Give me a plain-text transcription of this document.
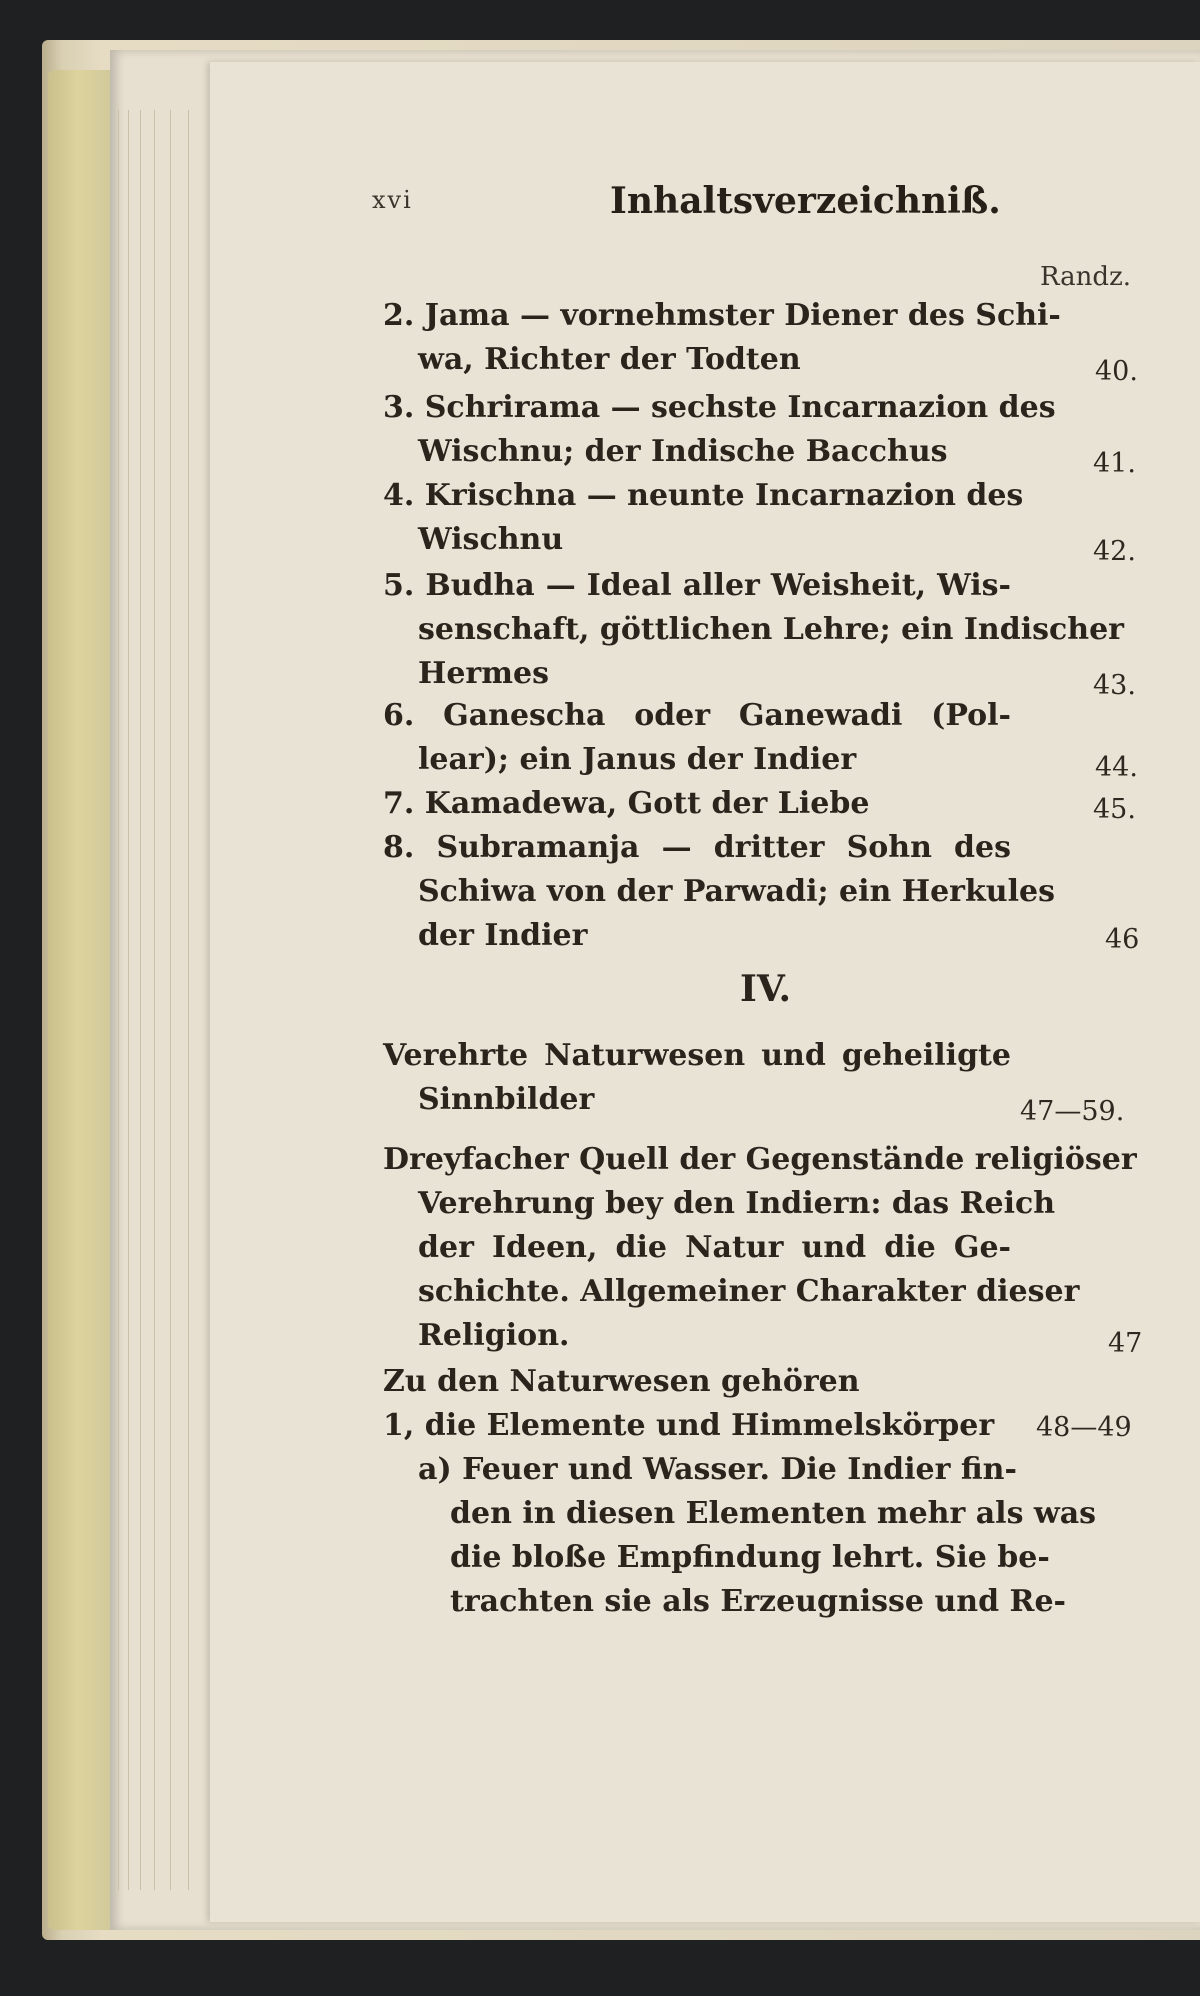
xvi	Inhaltsverzeichniß.
Randz.
2. Jama — vornehmster Diener des Schi-
wa, Richter der Todten	40.
3. Schrirama — sechste Incarnazion des
Wischnu; der Indische Bacchus	41.
4. Krischna — neunte Incarnazion des
Wischnu	42.
5. Budha — Ideal aller Weisheit, Wis-
senschaft, göttlichen Lehre; ein Indischer
Hermes	43.
6. Ganescha oder Ganewadi (Pol-
lear); ein Janus der Indier	44.
7. Kamadewa, Gott der Liebe	45.
8. Subramanja — dritter Sohn des
Schiwa von der Parwadi; ein Herkules
der Indier	46
IV.
Verehrte Naturwesen und geheiligte
Sinnbilder	47—59.
Dreyfacher Quell der Gegenstände religiöser
Verehrung bey den Indiern: das Reich
der Ideen, die Natur und die Ge-
schichte. Allgemeiner Charakter dieser
Religion.	47
Zu den Naturwesen gehören
1, die Elemente und Himmelskörper 48—49
a) Feuer und Wasser. Die Indier fin-
den in diesen Elementen mehr als was
die bloße Empfindung lehrt. Sie be-
trachten sie als Erzeugnisse und Re-
